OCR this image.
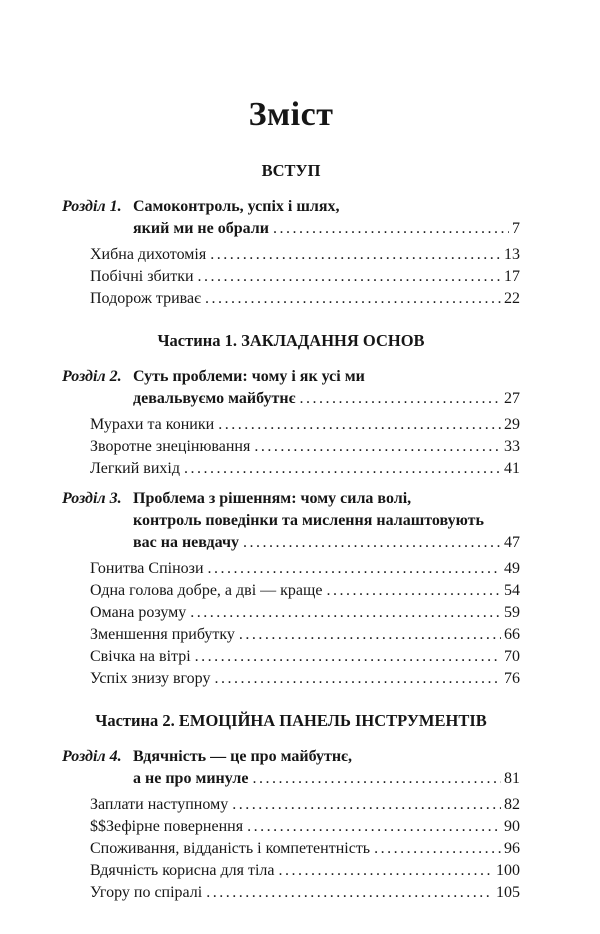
Зміст
ВСТУП
Розділ 1. Самоконтроль, успіх і шлях,
який ми не обрали .....	7
Хибна дихотомія .....	13
Побічні збитки .....	17
Подорож триває .....	22
Частина 1. ЗАКЛАДАННЯ ОСНОВ
Розділ 2. Суть проблеми: чому і як усі ми
девальвуємо майбутнє .....	27
Мурахи та коники .....	29
Зворотне знецінювання .....	33
Легкий вихід .....	41
Розділ 3. Проблема з рішенням: чому сила волі,
контроль поведінки та мислення налаштовують
вас на невдачу .....	47
Гонитва Спінози .....	49
Одна голова добре, а дві — краще .....	54
Омана розуму .....	59
Зменшення прибутку .....	66
Свічка на вітрі .....	70
Успіх знизу вгору .....	76
Частина 2. ЕМОЦІЙНА ПАНЕЛЬ ІНСТРУМЕНТІВ
Розділ 4. Вдячність — це про майбутнє,
а не про минуле .....	81
Заплати наступному .....	82
$$Зефірне повернення .....	90
Споживання, відданість і компетентність .....	96
Вдячність корисна для тіла .....	100
Угору по спіралі .....	105
